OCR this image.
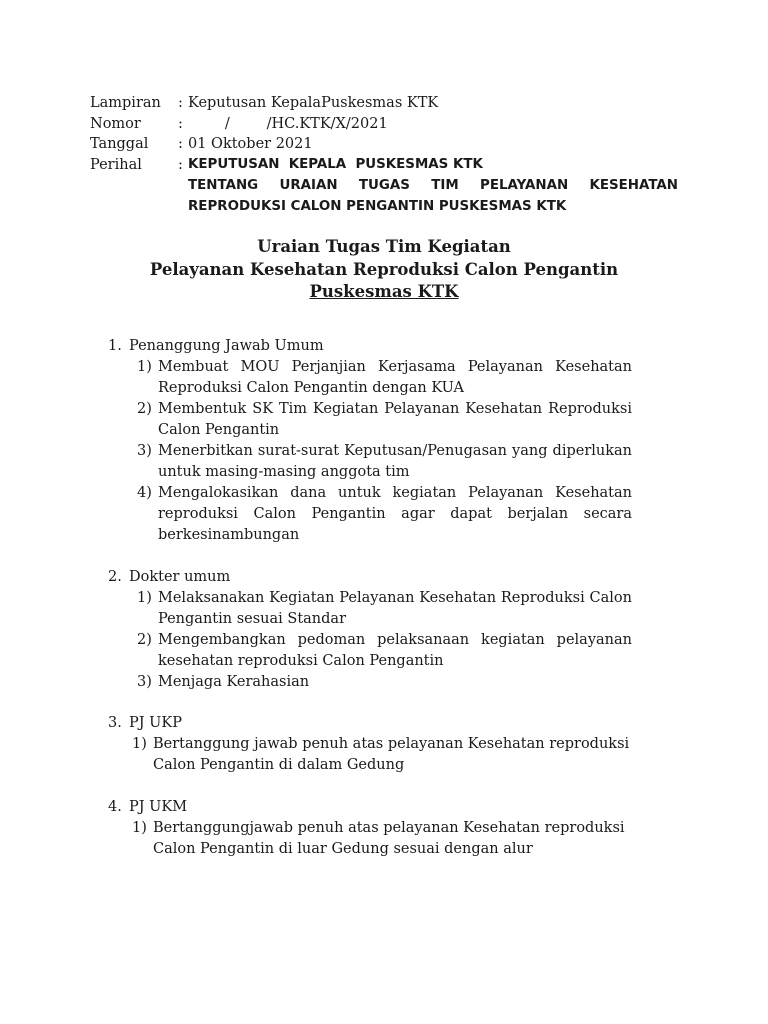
Lampiran	: Keputusan KepalaPuskesmas KTK
Nomor	: /        /HC.KTK/X/2021
Tanggal	: 01 Oktober 2021
Perihal	: KEPUTUSAN  KEPALA  PUSKESMAS KTK
TENTANG URAIAN TUGAS TIM PELAYANAN KESEHATAN
REPRODUKSI CALON PENGANTIN PUSKESMAS KTK
Uraian Tugas Tim Kegiatan
Pelayanan Kesehatan Reproduksi Calon Pengantin
Puskesmas KTK
1. Penanggung Jawab Umum
1) Membuat MOU Perjanjian Kerjasama Pelayanan Kesehatan Reproduksi Calon Pengantin dengan KUA
2) Membentuk SK Tim Kegiatan Pelayanan Kesehatan Reproduksi Calon Pengantin
3) Menerbitkan surat-surat Keputusan/Penugasan yang diperlukan untuk masing-masing anggota tim
4) Mengalokasikan dana untuk kegiatan Pelayanan Kesehatan reproduksi Calon Pengantin agar dapat berjalan secara berkesinambungan
2. Dokter umum
1) Melaksanakan Kegiatan Pelayanan Kesehatan Reproduksi Calon Pengantin sesuai Standar
2) Mengembangkan pedoman pelaksanaan kegiatan pelayanan kesehatan reproduksi Calon Pengantin
3) Menjaga Kerahasian
3. PJ UKP
1) Bertanggung jawab penuh atas pelayanan Kesehatan reproduksi Calon Pengantin di dalam Gedung
4. PJ UKM
1) Bertanggungjawab penuh atas pelayanan Kesehatan reproduksi Calon Pengantin di luar Gedung sesuai dengan alur
